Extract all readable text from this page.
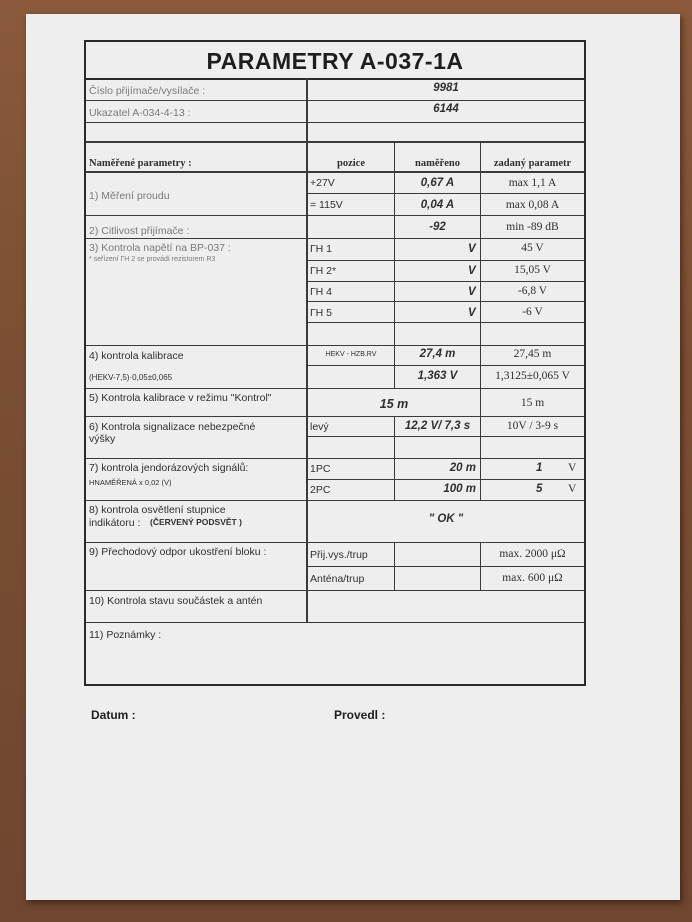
PARAMETRY A-037-1A
Číslo přijímače/vysílače :	9981
Ukazatel A-034-4-13 :	6144
Naměřené parametry :	pozice	naměřeno	zadaný parametr
1) Měření proudu
+27V	0,67 A	max 1,1 A
= 115V	0,04 A	max 0,08 A
2) Citlivost přijímače :	-92	min -89 dB
3) Kontrola napětí na BP-037 :
* seřízení ГН 2 se provádí rezistorem R3
ГН 1	V	45 V
ГН 2*	V	15,05 V
ГН 4	V	-6,8 V
ГН 5	V	-6 V
4) kontrola kalibrace
(HEKV-7,5)·0,05±0,065
HEKV - HZB.RV	27,4 m	27,45 m
1,363 V	1,3125±0,065 V
5) Kontrola kalibrace v režimu "Kontrol"	15 m	15 m
6) Kontrola signalizace nebezpečné
výšky
levý	12,2 V/ 7,3 s	10V / 3-9 s
7) kontrola jendorázových signálů:
HNAMĚŘENÁ x 0,02 (V)
1PC	20 m	1 V
2PC	100 m	5 V
8) kontrola osvětlení stupnice
indikátoru : (ČERVENÝ PODSVĚT )	" OK "
9) Přechodový odpor ukostření bloku :	Přij.vys./trup	max. 2000 μΩ
Anténa/trup	max. 600 μΩ
10) Kontrola stavu součástek a antén
11) Poznámky :
Datum :	Provedl :
